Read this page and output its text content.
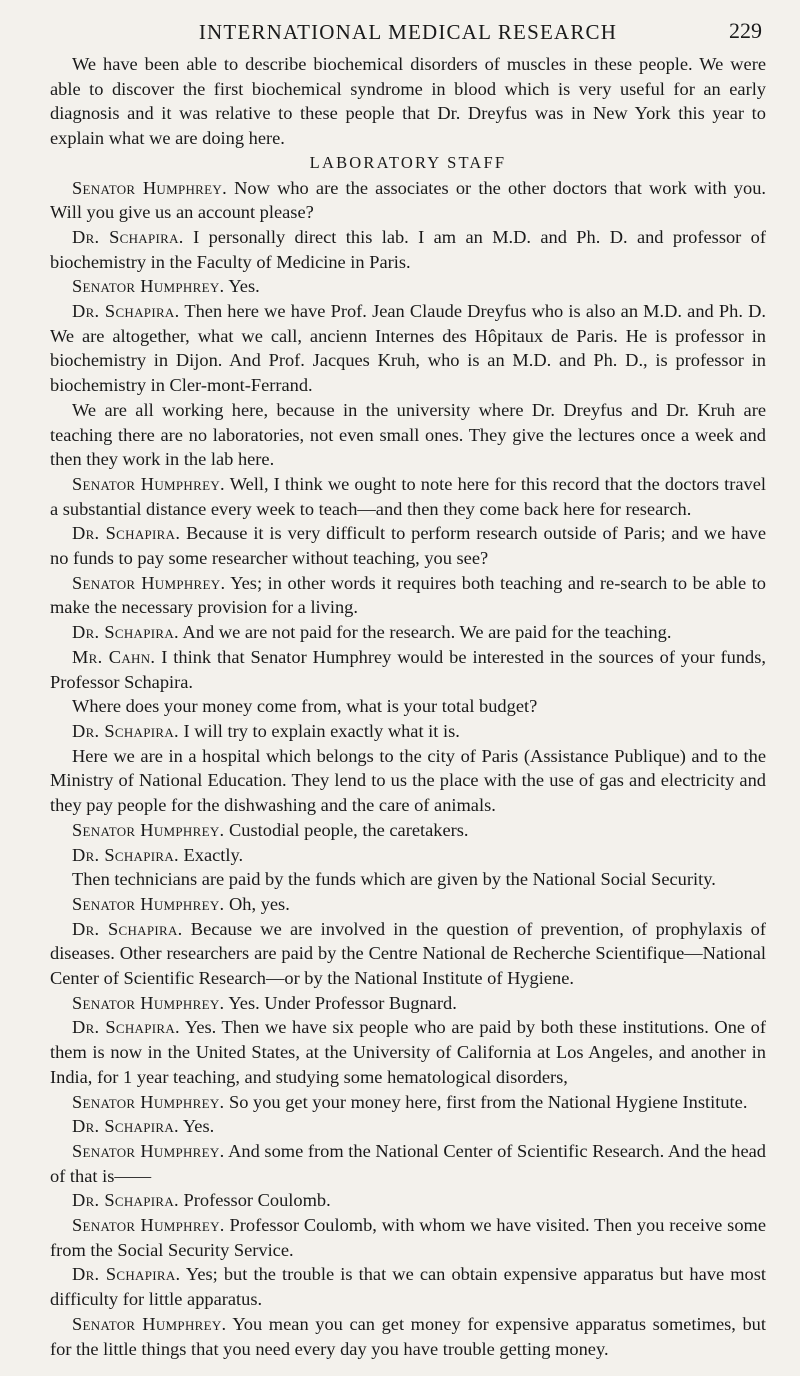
INTERNATIONAL MEDICAL RESEARCH	229

We have been able to describe biochemical disorders of muscles in these people. We were able to discover the first biochemical syndrome in blood which is very useful for an early diagnosis and it was relative to these people that Dr. Dreyfus was in New York this year to explain what we are doing here.

LABORATORY STAFF

Senator Humphrey. Now who are the associates or the other doctors that work with you. Will you give us an account please?

Dr. Schapira. I personally direct this lab. I am an M.D. and Ph. D. and professor of biochemistry in the Faculty of Medicine in Paris.

Senator Humphrey. Yes.

Dr. Schapira. Then here we have Prof. Jean Claude Dreyfus who is also an M.D. and Ph. D. We are altogether, what we call, ancienn Internes des Hôpitaux de Paris. He is professor in biochemistry in Dijon. And Prof. Jacques Kruh, who is an M.D. and Ph. D., is professor in biochemistry in Cler-mont-Ferrand.

We are all working here, because in the university where Dr. Dreyfus and Dr. Kruh are teaching there are no laboratories, not even small ones. They give the lectures once a week and then they work in the lab here.

Senator Humphrey. Well, I think we ought to note here for this record that the doctors travel a substantial distance every week to teach—and then they come back here for research.

Dr. Schapira. Because it is very difficult to perform research outside of Paris; and we have no funds to pay some researcher without teaching, you see?

Senator Humphrey. Yes; in other words it requires both teaching and re-search to be able to make the necessary provision for a living.

Dr. Schapira. And we are not paid for the research. We are paid for the teaching.

Mr. Cahn. I think that Senator Humphrey would be interested in the sources of your funds, Professor Schapira.

Where does your money come from, what is your total budget?

Dr. Schapira. I will try to explain exactly what it is.

Here we are in a hospital which belongs to the city of Paris (Assistance Publique) and to the Ministry of National Education. They lend to us the place with the use of gas and electricity and they pay people for the dishwashing and the care of animals.

Senator Humphrey. Custodial people, the caretakers.

Dr. Schapira. Exactly.

Then technicians are paid by the funds which are given by the National Social Security.

Senator Humphrey. Oh, yes.

Dr. Schapira. Because we are involved in the question of prevention, of prophylaxis of diseases. Other researchers are paid by the Centre National de Recherche Scientifique—National Center of Scientific Research—or by the National Institute of Hygiene.

Senator Humphrey. Yes. Under Professor Bugnard.

Dr. Schapira. Yes. Then we have six people who are paid by both these institutions. One of them is now in the United States, at the University of California at Los Angeles, and another in India, for 1 year teaching, and studying some hematological disorders,

Senator Humphrey. So you get your money here, first from the National Hygiene Institute.

Dr. Schapira. Yes.

Senator Humphrey. And some from the National Center of Scientific Research. And the head of that is——

Dr. Schapira. Professor Coulomb.

Senator Humphrey. Professor Coulomb, with whom we have visited. Then you receive some from the Social Security Service.

Dr. Schapira. Yes; but the trouble is that we can obtain expensive apparatus but have most difficulty for little apparatus.

Senator Humphrey. You mean you can get money for expensive apparatus sometimes, but for the little things that you need every day you have trouble getting money.
